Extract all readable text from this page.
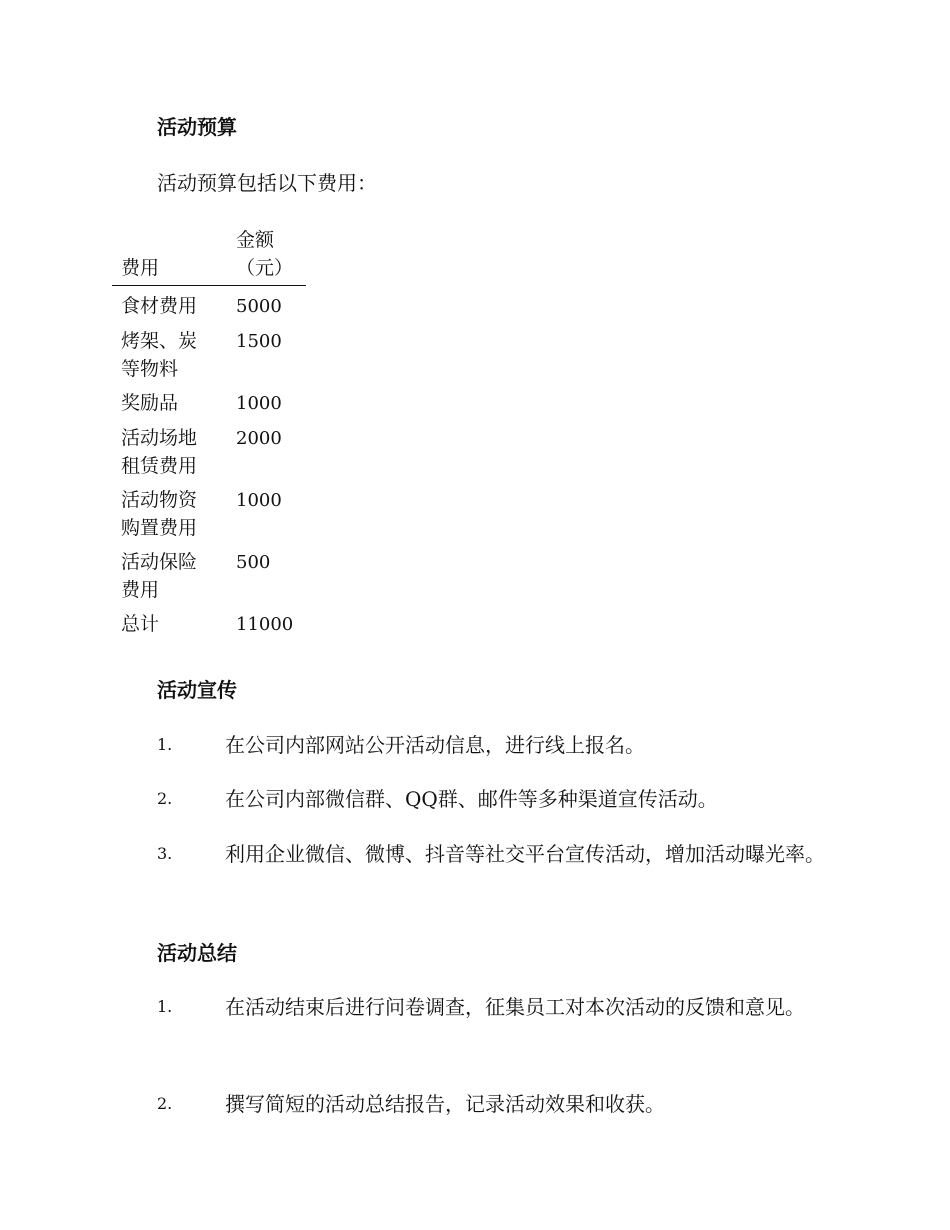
活动预算

活动预算包括以下费用：

费用	金额（元）

食材费用	5000

烤架、炭等物料	1500

奖励品	1000

活动场地租赁费用	2000

活动物资购置费用	1000

活动保险费用	500

总计	11000
活动宣传
1.	在公司内部网站公开活动信息，进行线上报名。
2.	在公司内部微信群、QQ群、邮件等多种渠道宣传活动。
3.	利用企业微信、微博、抖音等社交平台宣传活动，增加活动曝光率。
活动总结
1.	在活动结束后进行问卷调查，征集员工对本次活动的反馈和意见。
2.	撰写简短的活动总结报告，记录活动效果和收获。
